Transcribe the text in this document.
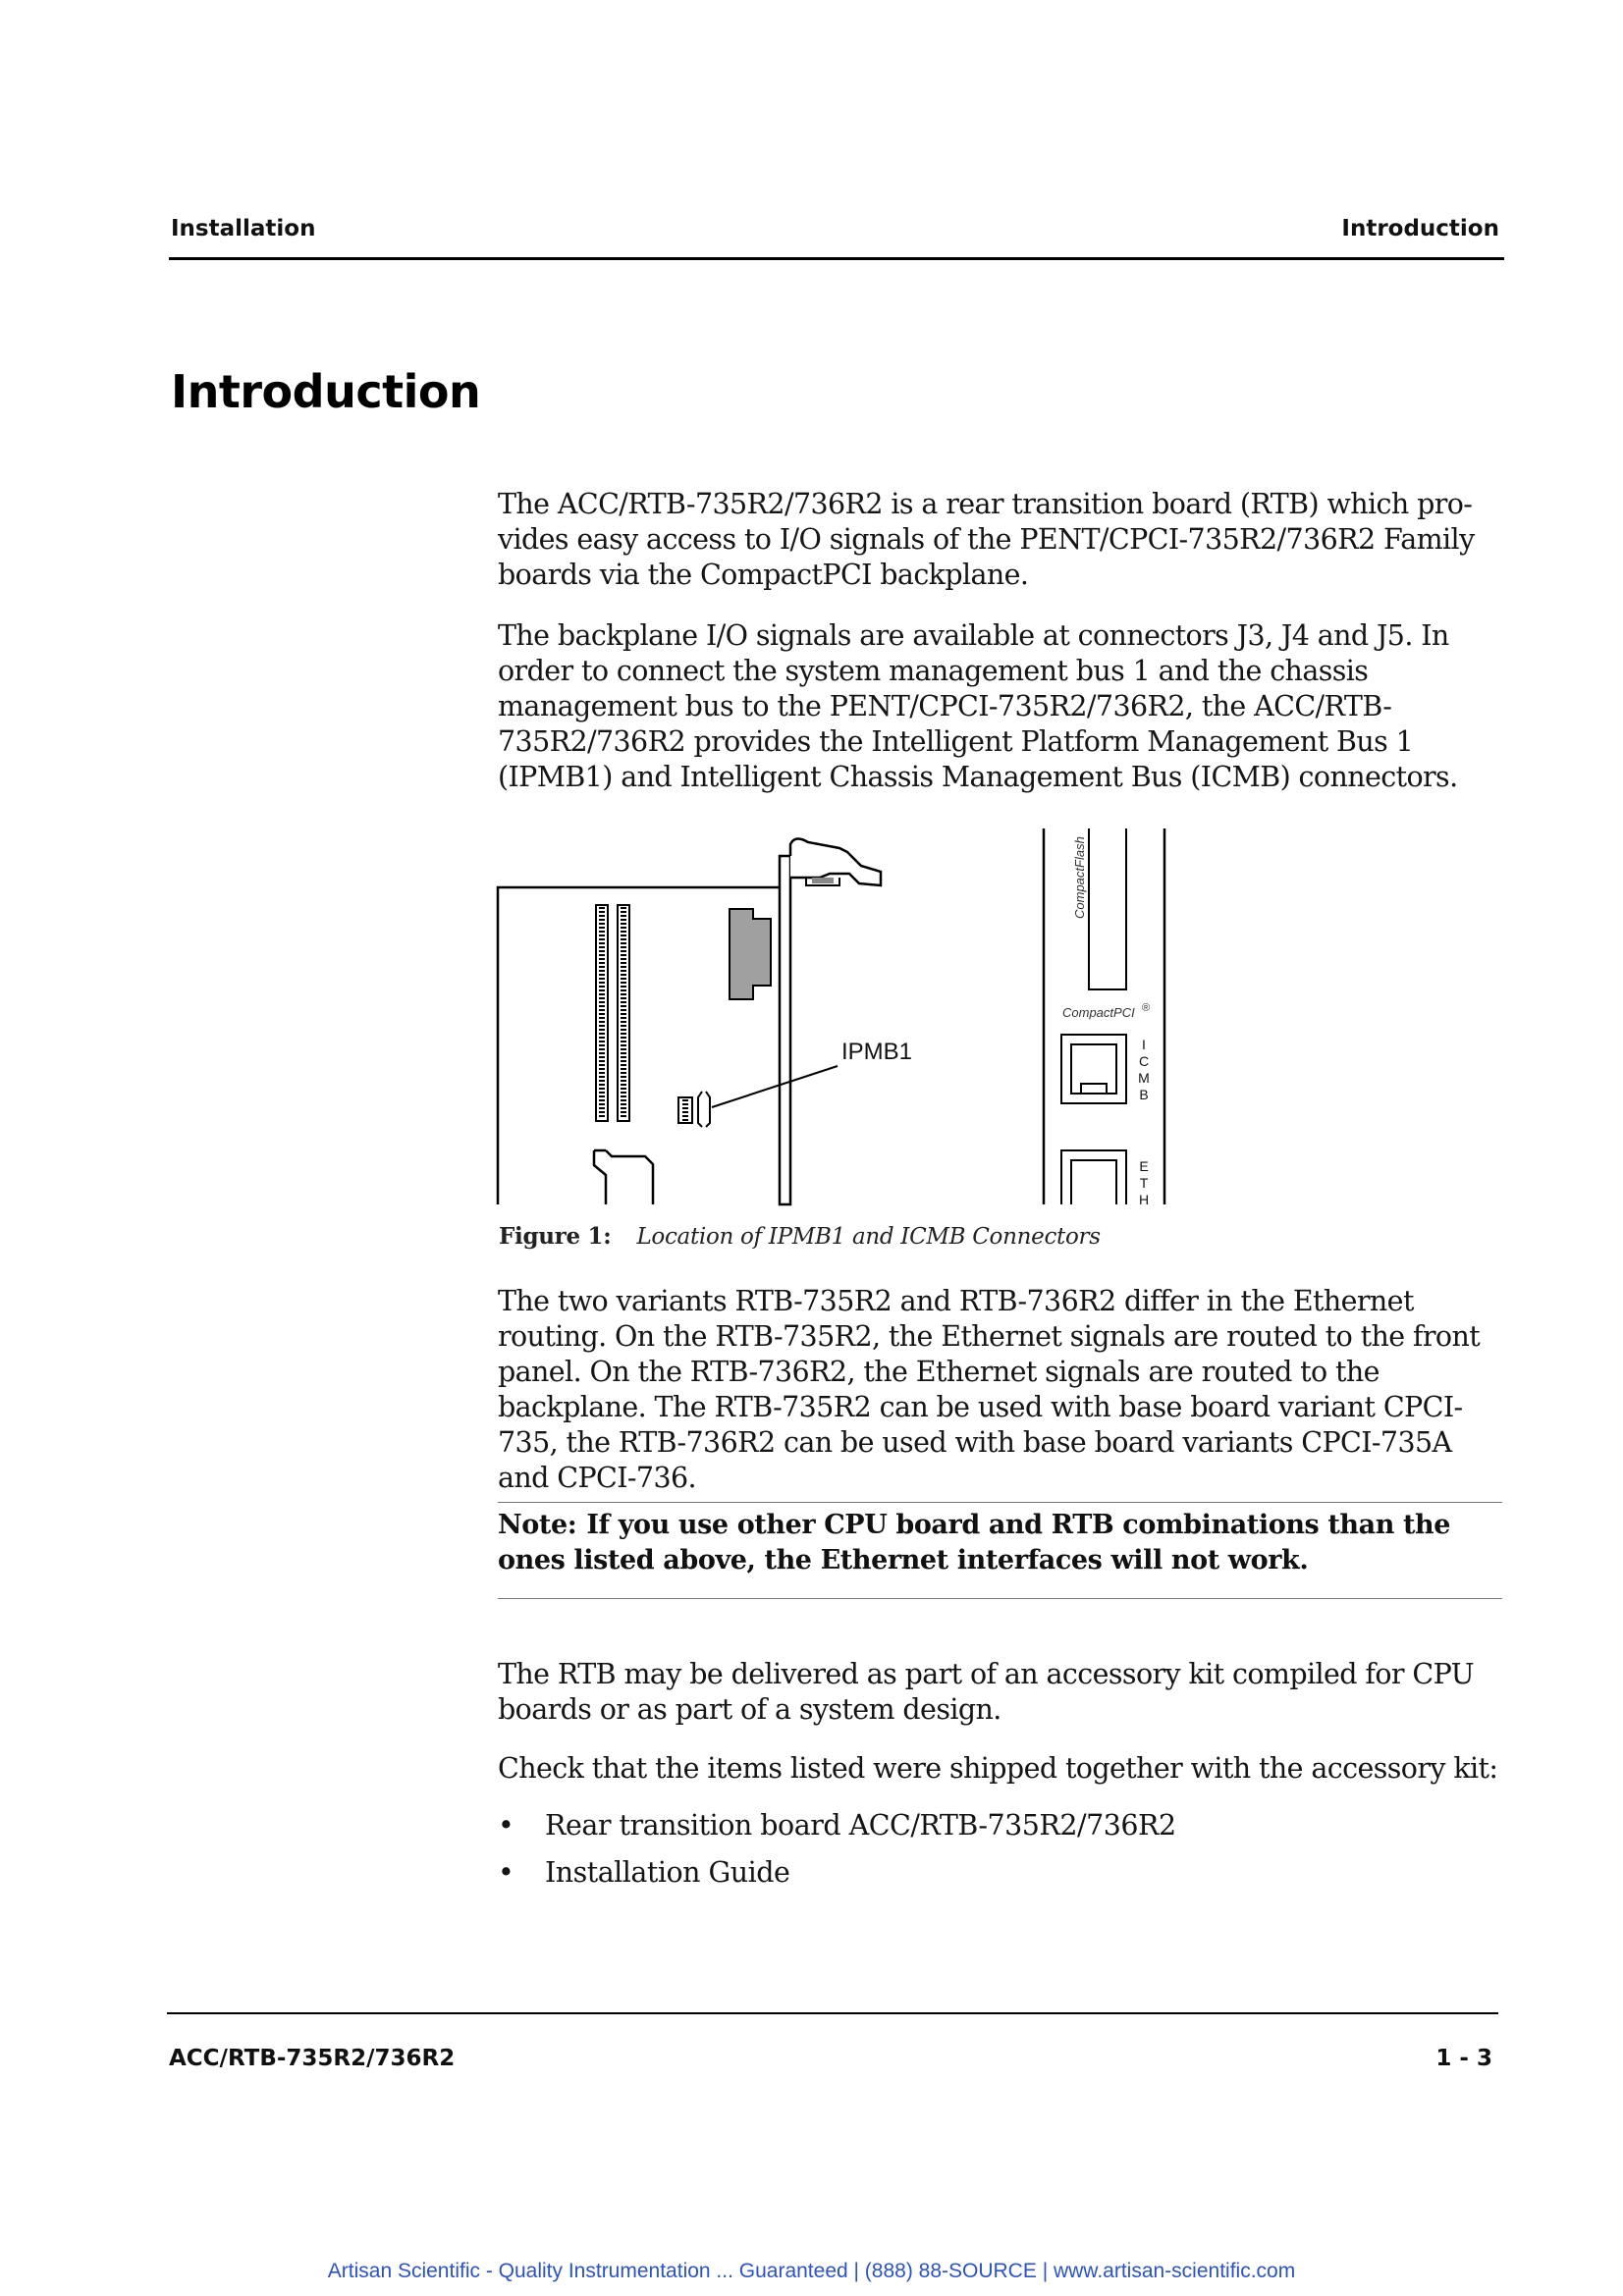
Installation	Introduction
Introduction

The ACC/RTB-735R2/736R2 is a rear transition board (RTB) which pro-vides easy access to I/O signals of the PENT/CPCI-735R2/736R2 Family boards via the CompactPCI backplane.

The backplane I/O signals are available at connectors J3, J4 and J5. In order to connect the system management bus 1 and the chassis management bus to the PENT/CPCI-735R2/736R2, the ACC/RTB-735R2/736R2 provides the Intelligent Platform Management Bus 1 (IPMB1) and Intelligent Chassis Management Bus (ICMB) connectors.

IPMB1
CompactFlash
CompactPCI ®
I
C
M
B
E
T
H
Figure 1: Location of IPMB1 and ICMB Connectors

The two variants RTB-735R2 and RTB-736R2 differ in the Ethernet routing. On the RTB-735R2, the Ethernet signals are routed to the front panel. On the RTB-736R2, the Ethernet signals are routed to the backplane. The RTB-735R2 can be used with base board variant CPCI-735, the RTB-736R2 can be used with base board variants CPCI-735A and CPCI-736.

Note: If you use other CPU board and RTB combinations than the ones listed above, the Ethernet interfaces will not work.

The RTB may be delivered as part of an accessory kit compiled for CPU boards or as part of a system design.

Check that the items listed were shipped together with the accessory kit:

• Rear transition board ACC/RTB-735R2/736R2
• Installation Guide
ACC/RTB-735R2/736R2	1 - 3
Artisan Scientific - Quality Instrumentation ... Guaranteed | (888) 88-SOURCE | www.artisan-scientific.com
